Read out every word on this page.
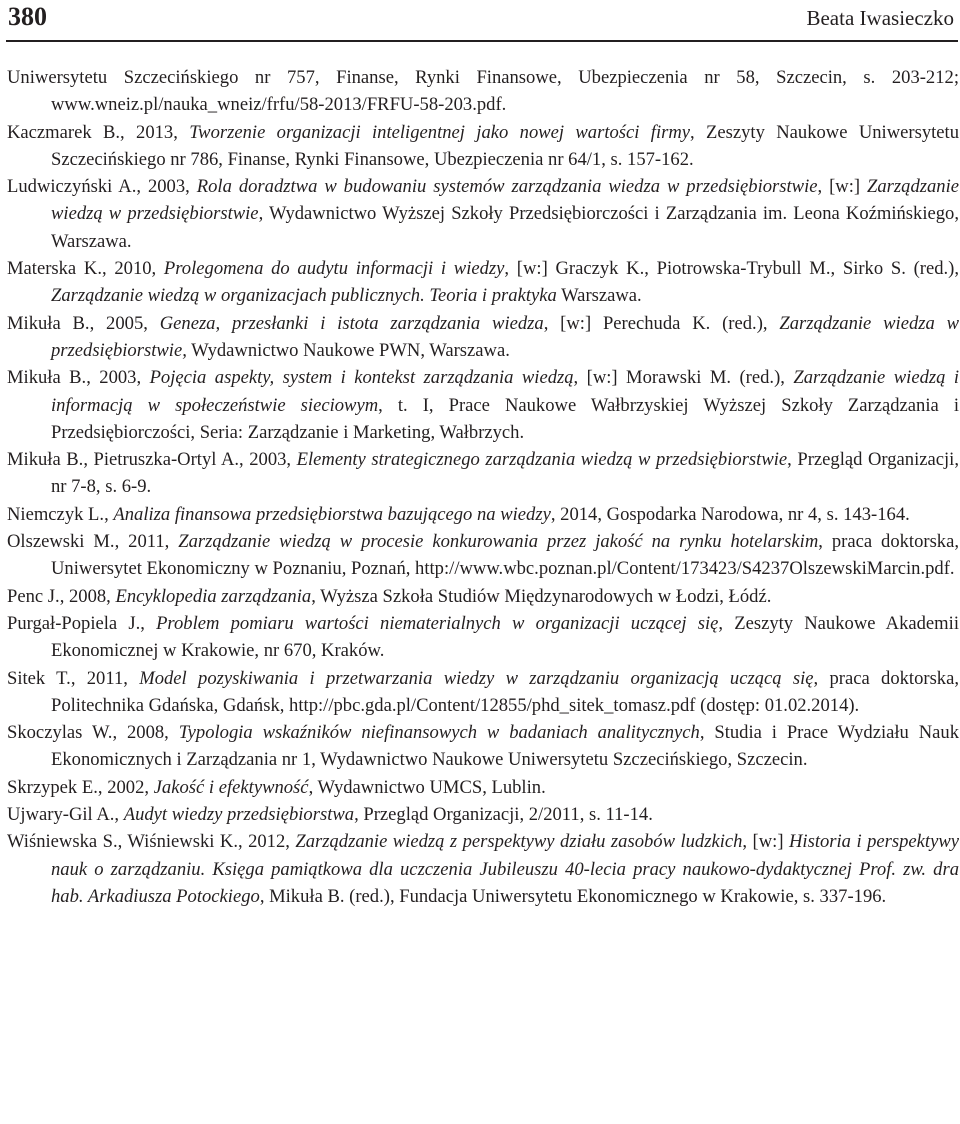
380	Beata Iwasieczko

Uniwersytetu Szczecińskiego nr 757, Finanse, Rynki Finansowe, Ubezpieczenia nr 58, Szczecin, s. 203-212; www.wneiz.pl/nauka_wneiz/frfu/58-2013/FRFU-58-203.pdf.

Kaczmarek B., 2013, Tworzenie organizacji inteligentnej jako nowej wartości firmy, Zeszyty Naukowe Uniwersytetu Szczecińskiego nr 786, Finanse, Rynki Finansowe, Ubezpieczenia nr 64/1, s. 157-162.

Ludwiczyński A., 2003, Rola doradztwa w budowaniu systemów zarządzania wiedza w przedsiębiorstwie, [w:] Zarządzanie wiedzą w przedsiębiorstwie, Wydawnictwo Wyższej Szkoły Przedsiębiorczości i Zarządzania im. Leona Koźmińskiego, Warszawa.

Materska K., 2010, Prolegomena do audytu informacji i wiedzy, [w:] Graczyk K., Piotrowska-Trybull M., Sirko S. (red.), Zarządzanie wiedzą w organizacjach publicznych. Teoria i praktyka Warszawa.

Mikuła B., 2005, Geneza, przesłanki i istota zarządzania wiedza, [w:] Perechuda K. (red.), Zarządzanie wiedza w przedsiębiorstwie, Wydawnictwo Naukowe PWN, Warszawa.

Mikuła B., 2003, Pojęcia aspekty, system i kontekst zarządzania wiedzą, [w:] Morawski M. (red.), Zarządzanie wiedzą i informacją w społeczeństwie sieciowym, t. I, Prace Naukowe Wałbrzyskiej Wyższej Szkoły Zarządzania i Przedsiębiorczości, Seria: Zarządzanie i Marketing, Wałbrzych.

Mikuła B., Pietruszka-Ortyl A., 2003, Elementy strategicznego zarządzania wiedzą w przedsiębiorstwie, Przegląd Organizacji, nr 7-8, s. 6-9.

Niemczyk L., Analiza finansowa przedsiębiorstwa bazującego na wiedzy, 2014, Gospodarka Narodowa, nr 4, s. 143-164.

Olszewski M., 2011, Zarządzanie wiedzą w procesie konkurowania przez jakość na rynku hotelarskim, praca doktorska, Uniwersytet Ekonomiczny w Poznaniu, Poznań, http://www.wbc.poznan.pl/Content/173423/S4237OlszewskiMarcin.pdf.

Penc J., 2008, Encyklopedia zarządzania, Wyższa Szkoła Studiów Międzynarodowych w Łodzi, Łódź.

Purgał-Popiela J., Problem pomiaru wartości niematerialnych w organizacji uczącej się, Zeszyty Naukowe Akademii Ekonomicznej w Krakowie, nr 670, Kraków.

Sitek T., 2011, Model pozyskiwania i przetwarzania wiedzy w zarządzaniu organizacją uczącą się, praca doktorska, Politechnika Gdańska, Gdańsk, http://pbc.gda.pl/Content/12855/phd_sitek_tomasz.pdf (dostęp: 01.02.2014).

Skoczylas W., 2008, Typologia wskaźników niefinansowych w badaniach analitycznych, Studia i Prace Wydziału Nauk Ekonomicznych i Zarządzania nr 1, Wydawnictwo Naukowe Uniwersytetu Szczecińskiego, Szczecin.

Skrzypek E., 2002, Jakość i efektywność, Wydawnictwo UMCS, Lublin.

Ujwary-Gil A., Audyt wiedzy przedsiębiorstwa, Przegląd Organizacji, 2/2011, s. 11-14.

Wiśniewska S., Wiśniewski K., 2012, Zarządzanie wiedzą z perspektywy działu zasobów ludzkich, [w:] Historia i perspektywy nauk o zarządzaniu. Księga pamiątkowa dla uczczenia Jubileuszu 40-lecia pracy naukowo-dydaktycznej Prof. zw. dra hab. Arkadiusza Potockiego, Mikuła B. (red.), Fundacja Uniwersytetu Ekonomicznego w Krakowie, s. 337-196.
